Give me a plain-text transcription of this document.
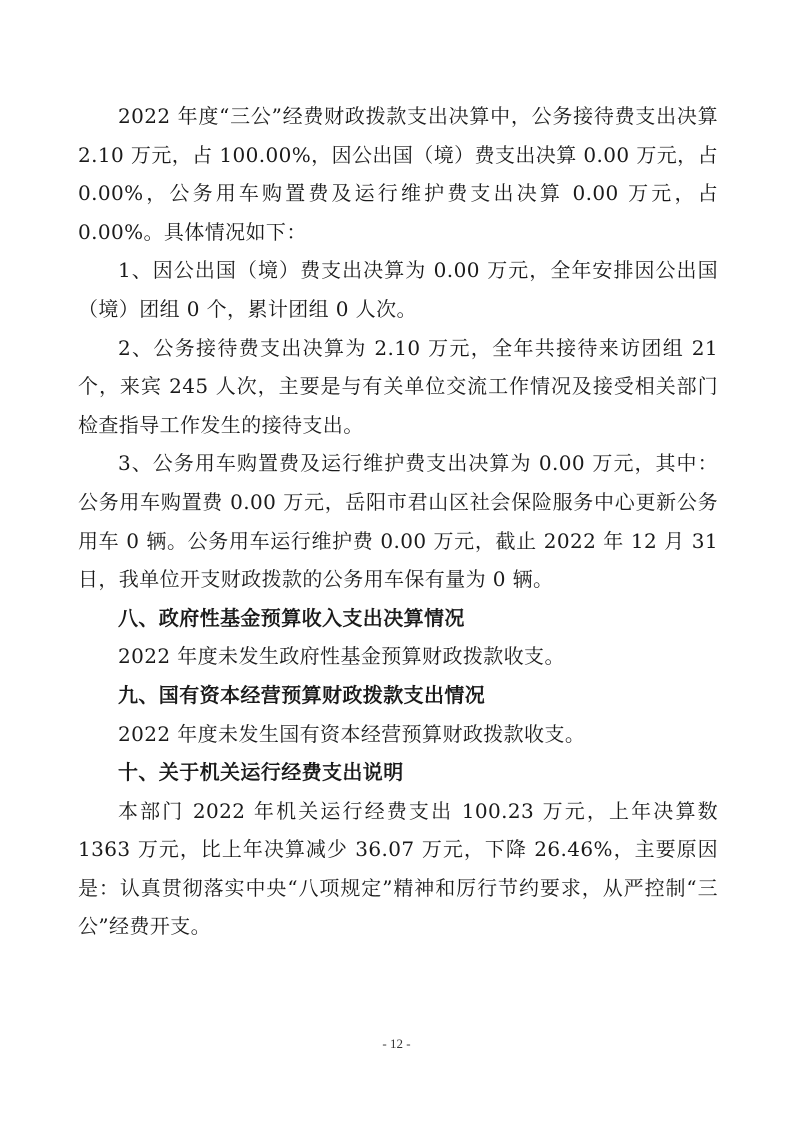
2022 年度“三公”经费财政拨款支出决算中，公务接待费支出决算 2.10 万元，占 100.00%，因公出国（境）费支出决算 0.00 万元，占 0.00%，公务用车购置费及运行维护费支出决算 0.00 万元，占 0.00%。具体情况如下：

1、因公出国（境）费支出决算为 0.00 万元，全年安排因公出国（境）团组 0 个，累计团组 0 人次。

2、公务接待费支出决算为 2.10 万元，全年共接待来访团组 21 个，来宾 245 人次，主要是与有关单位交流工作情况及接受相关部门检查指导工作发生的接待支出。

3、公务用车购置费及运行维护费支出决算为 0.00 万元，其中：公务用车购置费 0.00 万元，岳阳市君山区社会保险服务中心更新公务用车 0 辆。公务用车运行维护费 0.00 万元，截止 2022 年 12 月 31 日，我单位开支财政拨款的公务用车保有量为 0 辆。

八、政府性基金预算收入支出决算情况

2022 年度未发生政府性基金预算财政拨款收支。

九、国有资本经营预算财政拨款支出情况

2022 年度未发生国有资本经营预算财政拨款收支。

十、关于机关运行经费支出说明

本部门 2022 年机关运行经费支出 100.23 万元，上年决算数 1363 万元，比上年决算减少 36.07 万元，下降 26.46%，主要原因是：认真贯彻落实中央“八项规定”精神和厉行节约要求，从严控制“三公”经费开支。

- 12 -
